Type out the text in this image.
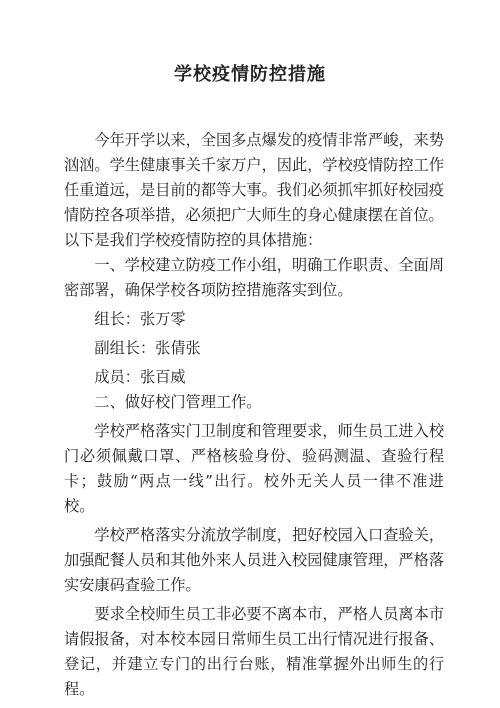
学校疫情防控措施

今年开学以来，全国多点爆发的疫情非常严峻，来势汹汹。学生健康事关千家万户，因此，学校疫情防控工作任重道远，是目前的都等大事。我们必须抓牢抓好校园疫情防控各项举措，必须把广大师生的身心健康摆在首位。

以下是我们学校疫情防控的具体措施：

一、学校建立防疫工作小组，明确工作职责、全面周密部署，确保学校各项防控措施落实到位。

组长：张万零

副组长：张倩张

成员：张百威

二、做好校门管理工作。

学校严格落实门卫制度和管理要求，师生员工进入校门必须佩戴口罩、严格核验身份、验码测温、查验行程卡；鼓励“两点一线”出行。校外无关人员一律不准进校。

学校严格落实分流放学制度，把好校园入口查验关，加强配餐人员和其他外来人员进入校园健康管理，严格落实安康码查验工作。

要求全校师生员工非必要不离本市，严格人员离本市请假报备，对本校本园日常师生员工出行情况进行报备、登记，并建立专门的出行台账，精准掌握外出师生的行程。
